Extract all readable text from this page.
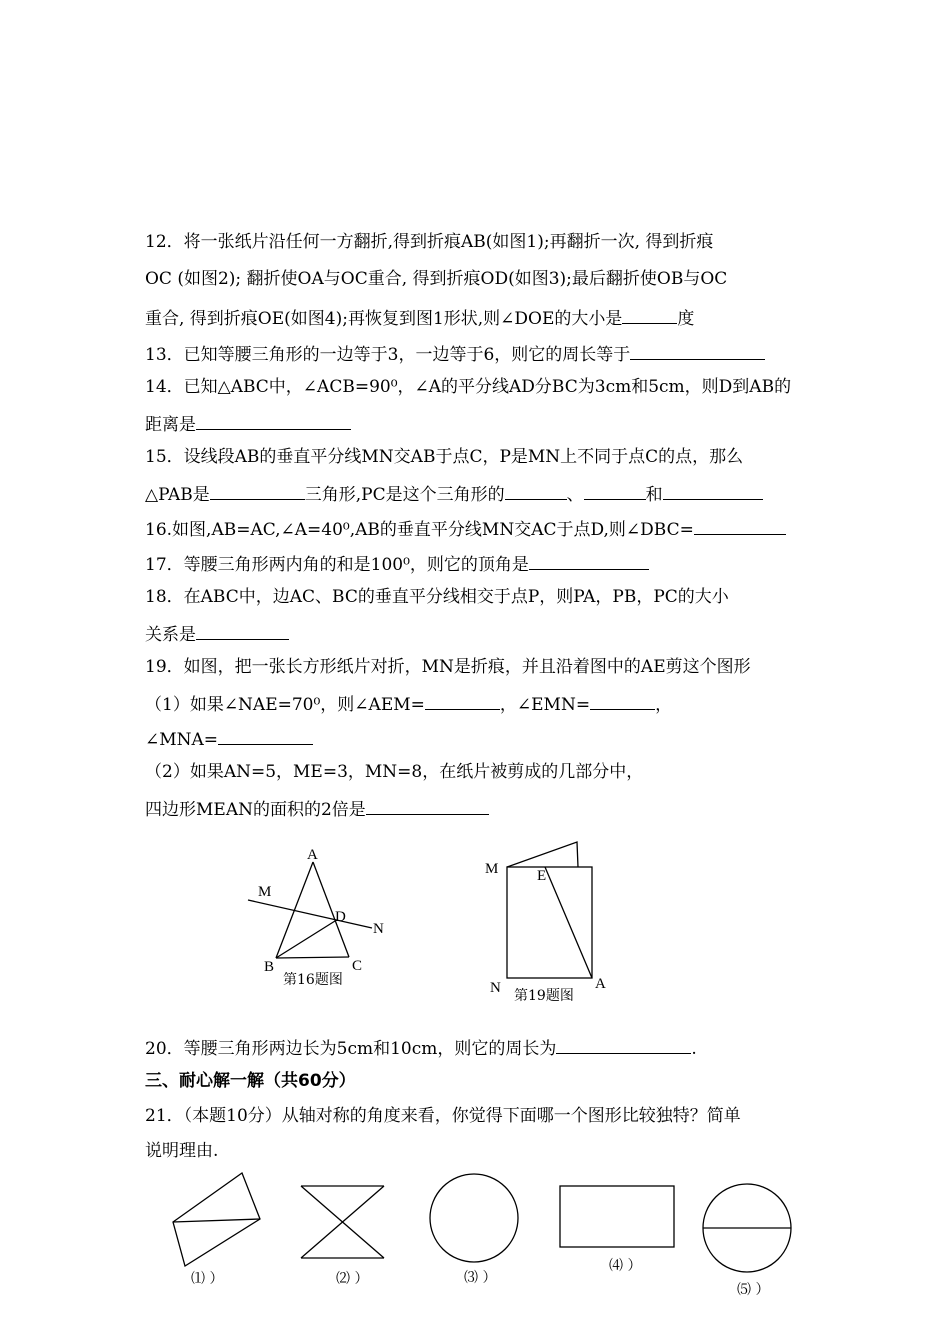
12．将一张纸片沿任何一方翻折,得到折痕AB(如图1);再翻折一次, 得到折痕
OC (如图2); 翻折使OA与OC重合, 得到折痕OD(如图3);最后翻折使OB与OC
重合, 得到折痕OE(如图4);再恢复到图1形状,则∠DOE的大小是	度
13．已知等腰三角形的一边等于3，一边等于6，则它的周长等于
14．已知△ABC中，∠ACB=90⁰，∠A的平分线AD分BC为3cm和5cm，则D到AB的
距离是
15．设线段AB的垂直平分线MN交AB于点C，P是MN上不同于点C的点，那么
△PAB是	三角形,PC是这个三角形的	、	和
16.如图,AB=AC,∠A=40⁰,AB的垂直平分线MN交AC于点D,则∠DBC=
17．等腰三角形两内角的和是100⁰，则它的顶角是
18．在ABC中，边AC、BC的垂直平分线相交于点P，则PA，PB，PC的大小
关系是
19．如图，把一张长方形纸片对折，MN是折痕，并且沿着图中的AE剪这个图形
（1）如果∠NAE=70⁰，则∠AEM=	，∠EMN=	，
∠MNA=
（2）如果AN=5，ME=3，MN=8，在纸片被剪成的几部分中，
四边形MEAN的面积的2倍是
A
M
D
N
B	C
第16题图
M	E
N	A
第19题图
⑴ ）	⑵ ）	⑶ ）
⑷ ）
⑸ ）
20．等腰三角形两边长为5cm和10cm，则它的周长为	.
三、耐心解一解（共60分）
21．（本题10分）从轴对称的角度来看，你觉得下面哪一个图形比较独特？简单
说明理由.
